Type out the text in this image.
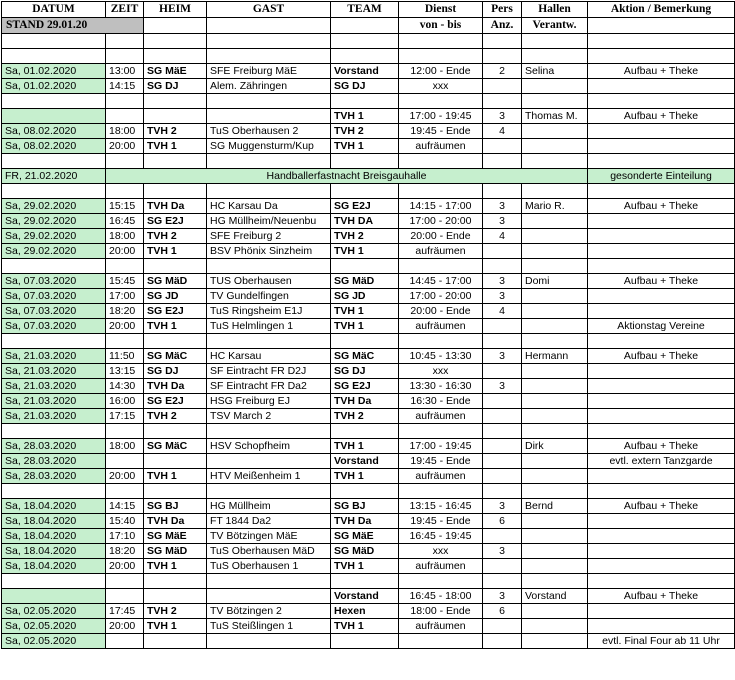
DATUM	ZEIT	HEIM	GAST	TEAM	Dienst	Pers	Hallen	Aktion / Bemerkung
STAND 29.01.20					von - bis	Anz.	Verantw.	

Sa, 01.02.2020	13:00	SG MäE	SFE Freiburg MäE	Vorstand	12:00 - Ende	2	Selina	Aufbau + Theke
Sa, 01.02.2020	14:15	SG DJ	Alem. Zähringen	SG DJ	xxx			

				TVH 1	17:00 - 19:45	3	Thomas M.	Aufbau + Theke
Sa, 08.02.2020	18:00	TVH 2	TuS Oberhausen 2	TVH 2	19:45 - Ende	4		
Sa, 08.02.2020	20:00	TVH 1	SG Muggensturm/Kup	TVH 1	aufräumen			

FR, 21.02.2020	Handballerfastnacht Breisgauhalle							gesonderte Einteilung

Sa, 29.02.2020	15:15	TVH Da	HC Karsau Da	SG E2J	14:15 - 17:00	3	Mario R.	Aufbau + Theke
Sa, 29.02.2020	16:45	SG E2J	HG Müllheim/Neuenbu	TVH DA	17:00 - 20:00	3		
Sa, 29.02.2020	18:00	TVH 2	SFE Freiburg 2	TVH 2	20:00 - Ende	4		
Sa, 29.02.2020	20:00	TVH 1	BSV Phönix Sinzheim	TVH 1	aufräumen			

Sa, 07.03.2020	15:45	SG MäD	TUS Oberhausen	SG MäD	14:45 - 17:00	3	Domi	Aufbau + Theke
Sa, 07.03.2020	17:00	SG JD	TV Gundelfingen	SG JD	17:00 - 20:00	3		
Sa, 07.03.2020	18:20	SG E2J	TuS Ringsheim E1J	TVH 1	20:00 - Ende	4		
Sa, 07.03.2020	20:00	TVH 1	TuS Helmlingen 1	TVH 1	aufräumen			Aktionstag Vereine

Sa, 21.03.2020	11:50	SG MäC	HC Karsau	SG MäC	10:45 - 13:30	3	Hermann	Aufbau + Theke
Sa, 21.03.2020	13:15	SG DJ	SF Eintracht FR D2J	SG DJ	xxx			
Sa, 21.03.2020	14:30	TVH Da	SF Eintracht FR Da2	SG E2J	13:30 - 16:30	3		
Sa, 21.03.2020	16:00	SG E2J	HSG Freiburg EJ	TVH Da	16:30 - Ende			
Sa, 21.03.2020	17:15	TVH 2	TSV March 2	TVH 2	aufräumen			

Sa, 28.03.2020	18:00	SG MäC	HSV Schopfheim	TVH 1	17:00 - 19:45		Dirk	Aufbau + Theke
Sa, 28.03.2020				Vorstand	19:45 - Ende			evtl. extern Tanzgarde
Sa, 28.03.2020	20:00	TVH 1	HTV Meißenheim 1	TVH 1	aufräumen			

Sa, 18.04.2020	14:15	SG BJ	HG Müllheim	SG BJ	13:15 - 16:45	3	Bernd	Aufbau + Theke
Sa, 18.04.2020	15:40	TVH Da	FT 1844 Da2	TVH Da	19:45 - Ende	6		
Sa, 18.04.2020	17:10	SG MäE	TV Bötzingen MäE	SG MäE	16:45 - 19:45			
Sa, 18.04.2020	18:20	SG MäD	TuS Oberhausen MäD	SG MäD	xxx	3		
Sa, 18.04.2020	20:00	TVH 1	TuS Oberhausen 1	TVH 1	aufräumen			

				Vorstand	16:45 - 18:00	3	Vorstand	Aufbau + Theke
Sa, 02.05.2020	17:45	TVH 2	TV Bötzingen 2	Hexen	18:00 - Ende	6		
Sa, 02.05.2020	20:00	TVH 1	TuS Steißlingen 1	TVH 1	aufräumen			
Sa, 02.05.2020								evtl. Final Four ab 11 Uhr
